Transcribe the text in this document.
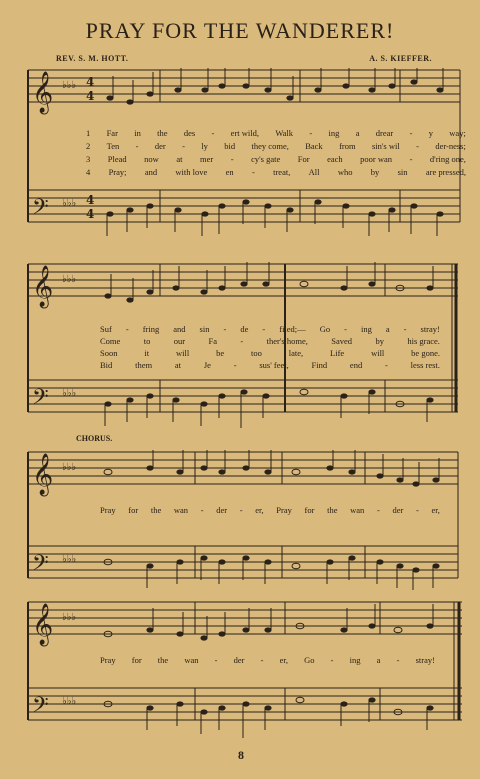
PRAY FOR THE WANDERER!
REV. S. M. HOTT.	A. S. KIEFFER.
𝄞
𝄢
♭♭♭
♭♭♭
4
4
4
4
1 Far in the des - ert wild, Walk - ing a drear - y way;
2 Ten - der - ly bid they come, Back from sin's wil - der-ness;
3 Plead now at mer - cy's gate For each poor wan - d'ring one,
4 Pray; and with love en - treat, All who by sin are pressed,
𝄞
𝄢
♭♭♭
♭♭♭
Suf - fring and sin - de - filed;— Go - ing a - stray!
Come	to	our	Fa	-	ther's home,	Saved	by	his grace.
Soon	it	will	be	too	late,	Life	will	be gone.
Bid	them	at	Je	-	sus' feet,	Find	end	-	less rest.
CHORUS.
𝄞
𝄢
♭♭♭
♭♭♭
Pray for the wan - der - er, Pray for the wan - der - er,
𝄞
𝄢
♭♭♭
♭♭♭
Pray for the wan - der - er, Go - ing a - stray!
8
